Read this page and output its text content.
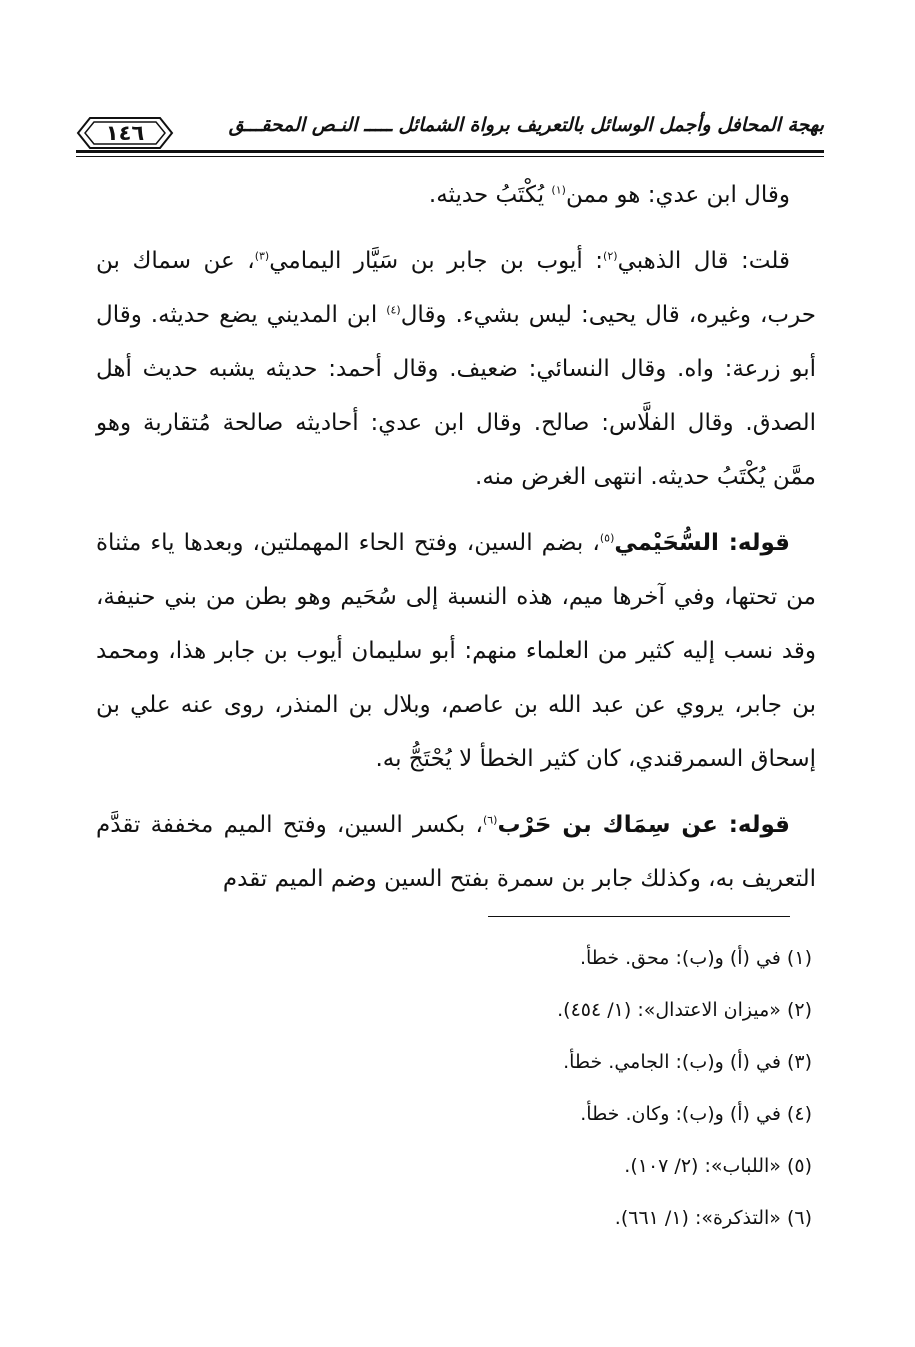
بهجة المحافل وأجمل الوسائل بالتعريف برواة الشمائل ـــــ النـص المحقـــق
١٤٦

وقال ابن عدي: هو ممن$^{(١)}$ يُكْتَبُ حديثه.

قلت: قال الذهبي$^{(٢)}$: أيوب بن جابر بن سَيَّار اليمامي$^{(٣)}$، عن سماك بن حرب، وغيره، قال يحيى: ليس بشيء. وقال$^{(٤)}$ ابن المديني يضع حديثه. وقال أبو زرعة: واه. وقال النسائي: ضعيف. وقال أحمد: حديثه يشبه حديث أهل الصدق. وقال الفلَّاس: صالح. وقال ابن عدي: أحاديثه صالحة مُتقاربة وهو ممَّن يُكْتَبُ حديثه. انتهى الغرض منه.

قوله: السُّحَيْمي$^{(٥)}$، بضم السين، وفتح الحاء المهملتين، وبعدها ياء مثناة من تحتها، وفي آخرها ميم، هذه النسبة إلى سُحَيم وهو بطن من بني حنيفة، وقد نسب إليه كثير من العلماء منهم: أبو سليمان أيوب بن جابر هذا، ومحمد بن جابر، يروي عن عبد الله بن عاصم، وبلال بن المنذر، روى عنه علي بن إسحاق السمرقندي، كان كثير الخطأ لا يُحْتَجُّ به.

قوله: عن سِمَاك بن حَرْب$^{(٦)}$، بكسر السين، وفتح الميم مخففة تقدَّم التعريف به، وكذلك جابر بن سمرة بفتح السين وضم الميم تقدم

(١) في (أ) و(ب): محق. خطأ.
(٢) «ميزان الاعتدال»: (١/ ٤٥٤).
(٣) في (أ) و(ب): الجامي. خطأ.
(٤) في (أ) و(ب): وكان. خطأ.
(٥) «اللباب»: (٢/ ١٠٧).
(٦) «التذكرة»: (١/ ٦٦١).
